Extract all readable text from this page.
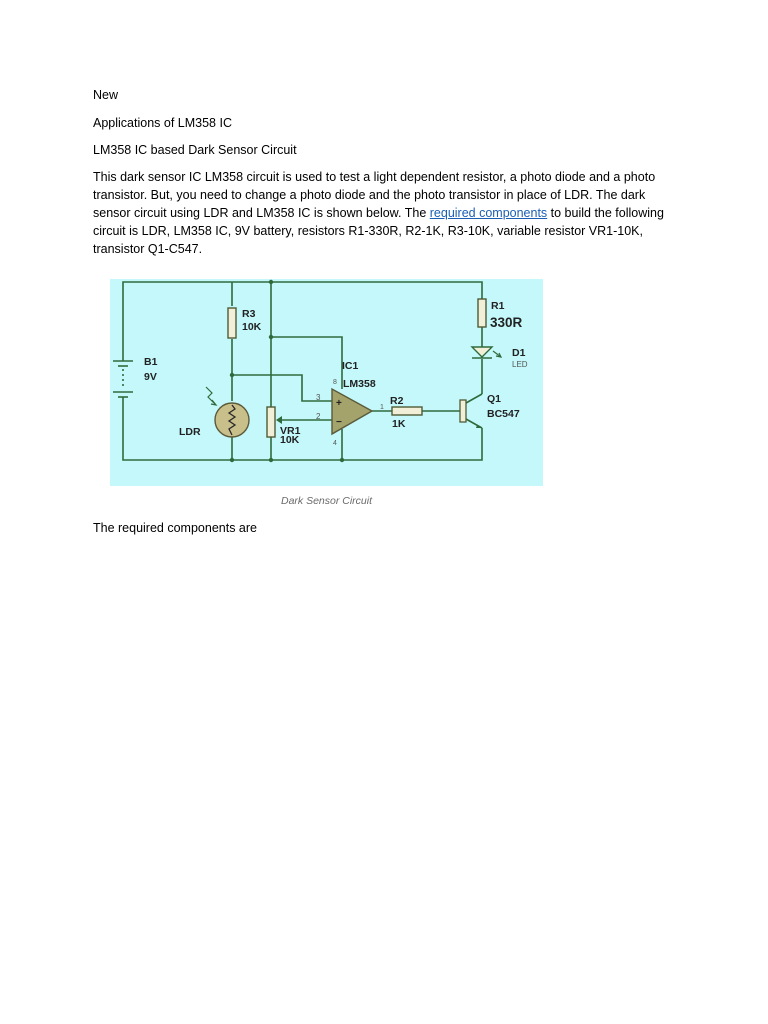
New

Applications of LM358 IC

LM358 IC based Dark Sensor Circuit

This dark sensor IC LM358 circuit is used to test a light dependent resistor, a photo diode and a photo transistor. But, you need to change a photo diode and the photo transistor in place of LDR. The dark sensor circuit using LDR and LM358 IC is shown below. The required components to build the following circuit is LDR, LM358 IC, 9V battery, resistors R1-330R, R2-1K, R3-10K, variable resistor VR1-10K, transistor Q1-C547.

R3
10K
R1
330R
B1
9V
IC1
LM358
R2
1K
D1
Q1
BC547
LDR	VR1
10K
LED
8
3
2
4
1
+
−
Dark Sensor Circuit

The required components are
